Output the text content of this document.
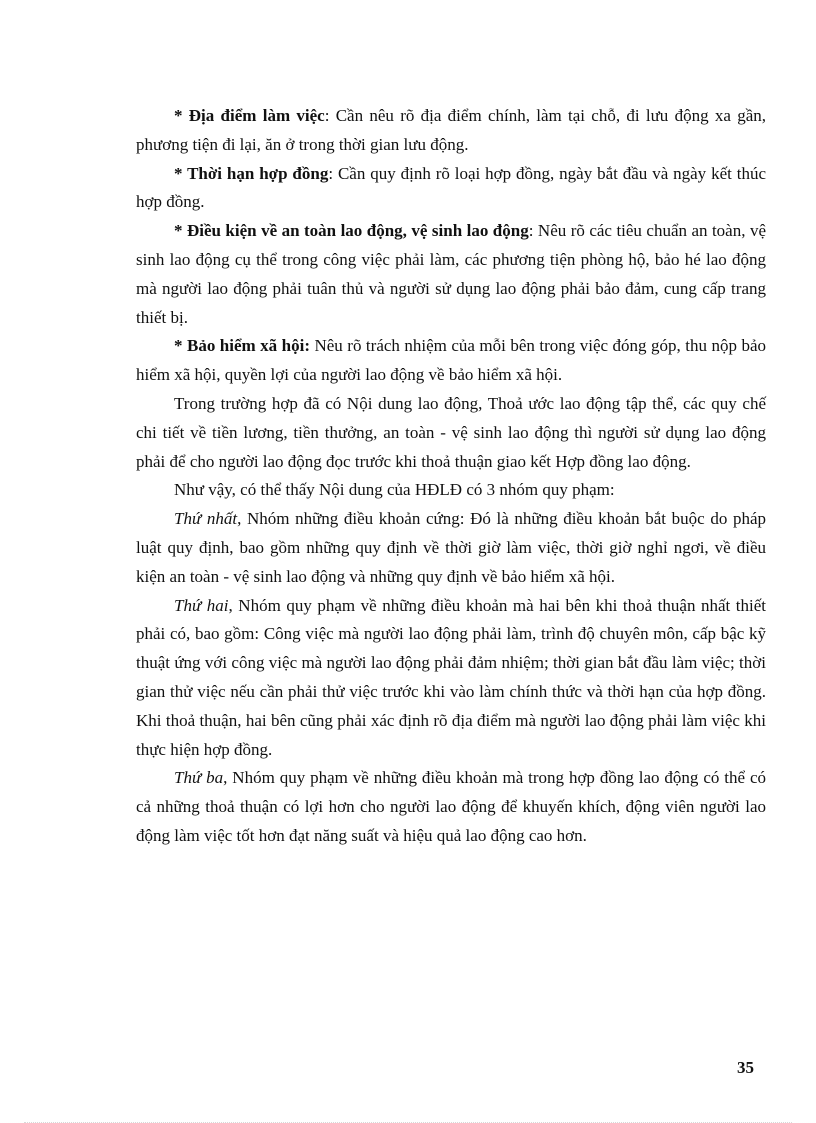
* Địa điểm làm việc: Cần nêu rõ địa điểm chính, làm tại chỗ, đi lưu động xa gần, phương tiện đi lại, ăn ở trong thời gian lưu động.

* Thời hạn hợp đồng: Cần quy định rõ loại hợp đồng, ngày bắt đầu và ngày kết thúc hợp đồng.

* Điều kiện về an toàn lao động, vệ sinh lao động: Nêu rõ các tiêu chuẩn an toàn, vệ sinh lao động cụ thể trong công việc phải làm, các phương tiện phòng hộ, bảo hé lao động mà người lao động phải tuân thủ và người sử dụng lao động phải bảo đảm, cung cấp trang thiết bị.

* Bảo hiểm xã hội: Nêu rõ trách nhiệm của mỗi bên trong việc đóng góp, thu nộp bảo hiểm xã hội, quyền lợi của người lao động về bảo hiểm xã hội.

Trong trường hợp đã có Nội dung lao động, Thoả ước lao động tập thể, các quy chế chi tiết về tiền lương, tiền thưởng, an toàn - vệ sinh lao động thì người sử dụng lao động phải để cho người lao động đọc trước khi thoả thuận giao kết Hợp đồng lao động.

Như vậy, có thể thấy Nội dung của HĐLĐ có 3 nhóm quy phạm:

Thứ nhất, Nhóm những điều khoản cứng: Đó là những điều khoản bắt buộc do pháp luật quy định, bao gồm những quy định về thời giờ làm việc, thời giờ nghỉ ngơi, về điều kiện an toàn - vệ sinh lao động và những quy định về bảo hiểm xã hội.

Thứ hai, Nhóm quy phạm về những điều khoản mà hai bên khi thoả thuận nhất thiết phải có, bao gồm: Công việc mà người lao động phải làm, trình độ chuyên môn, cấp bậc kỹ thuật ứng với công việc mà người lao động phải đảm nhiệm; thời gian bắt đầu làm việc; thời gian thử việc nếu cần phải thử việc trước khi vào làm chính thức và thời hạn của hợp đồng. Khi thoả thuận, hai bên cũng phải xác định rõ địa điểm mà người lao động phải làm việc khi thực hiện hợp đồng.

Thứ ba, Nhóm quy phạm về những điều khoản mà trong hợp đồng lao động có thể có cả những thoả thuận có lợi hơn cho người lao động để khuyến khích, động viên người lao động làm việc tốt hơn đạt năng suất và hiệu quả lao động cao hơn.

35
